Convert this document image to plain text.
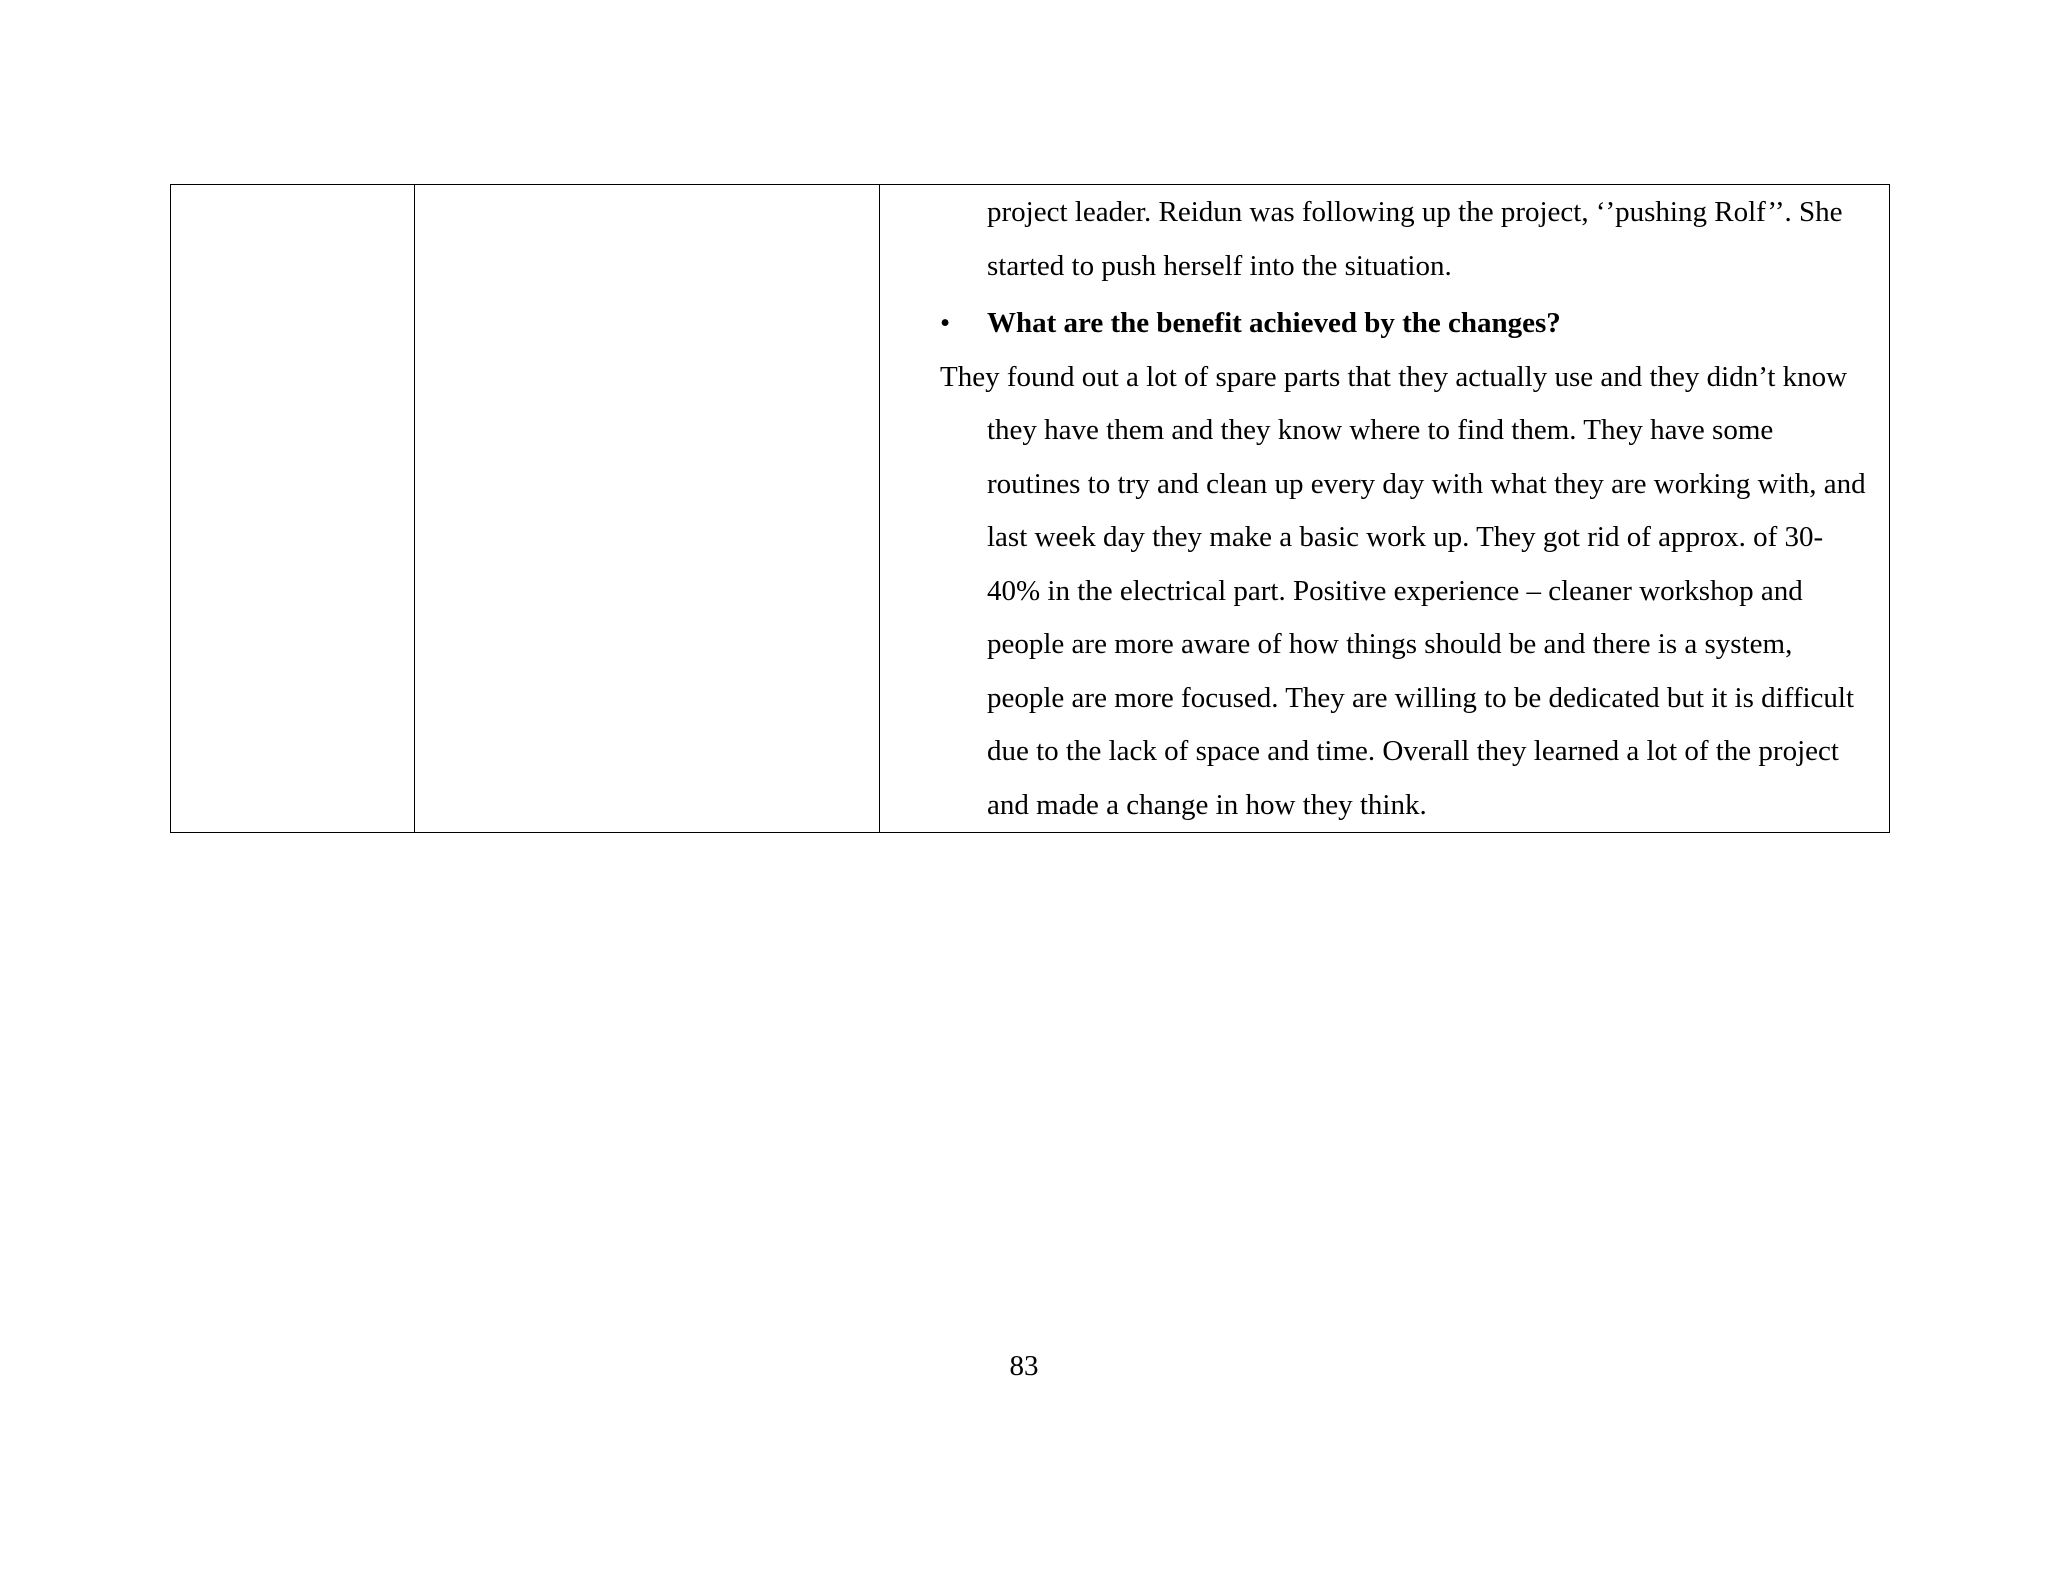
project leader. Reidun was following up the project, ‘’pushing Rolf’’. She started to push herself into the situation.

•	What are the benefit achieved by the changes?

They found out a lot of spare parts that they actually use and they didn’t know they have them and they know where to find them. They have some routines to try and clean up every day with what they are working with, and last week day they make a basic work up. They got rid of approx. of 30-40% in the electrical part. Positive experience – cleaner workshop and people are more aware of how things should be and there is a system, people are more focused. They are willing to be dedicated but it is difficult due to the lack of space and time. Overall they learned a lot of the project and made a change in how they think.

83
